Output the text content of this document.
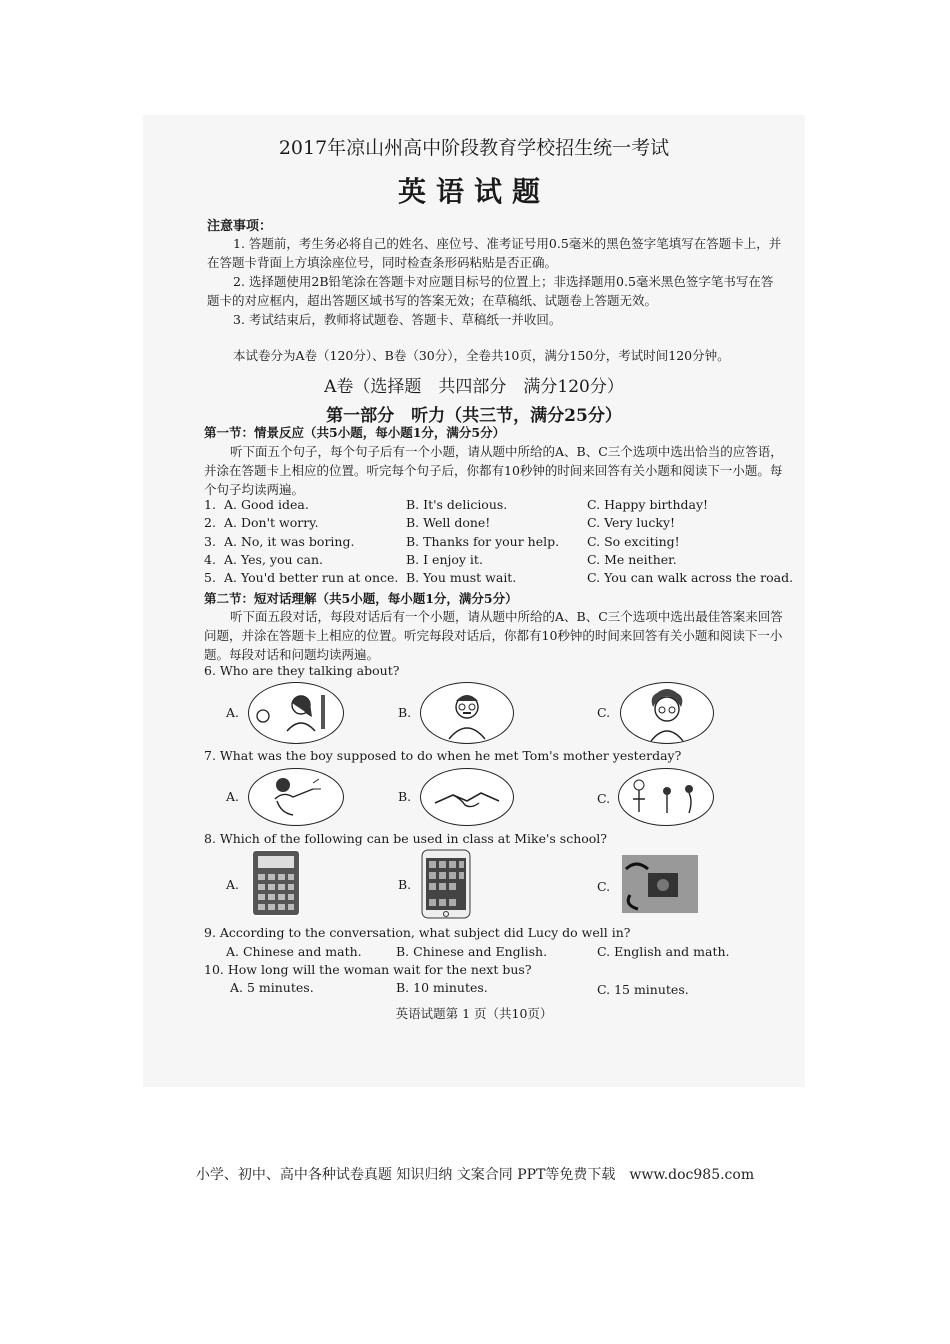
2017年凉山州高中阶段教育学校招生统一考试
英语试题
注意事项：
1. 答题前，考生务必将自己的姓名、座位号、准考证号用0.5毫米的黑色签字笔填写在答题卡上，并在答题卡背面上方填涂座位号，同时检查条形码粘贴是否正确。
2. 选择题使用2B铅笔涂在答题卡对应题目标号的位置上；非选择题用0.5毫米黑色签字笔书写在答题卡的对应框内，超出答题区域书写的答案无效；在草稿纸、试题卷上答题无效。
3. 考试结束后，教师将试题卷、答题卡、草稿纸一并收回。
本试卷分为A卷（120分）、B卷（30分），全卷共10页，满分150分，考试时间120分钟。
A卷（选择题　共四部分　满分120分）
第一部分　听力（共三节，满分25分）
第一节：情景反应（共5小题，每小题1分，满分5分）
听下面五个句子，每个句子后有一个小题，请从题中所给的A、B、C三个选项中选出恰当的应答语，并涂在答题卡上相应的位置。听完每个句子后，你都有10秒钟的时间来回答有关小题和阅读下一小题。每个句子均读两遍。
1. A. Good idea.	B. It's delicious.	C. Happy birthday!
2. A. Don't worry.	B. Well done!	C. Very lucky!
3. A. No, it was boring.	B. Thanks for your help. C. So exciting!
4. A. Yes, you can.	B. I enjoy it.	C. Me neither.
5. A. You'd better run at once. B. You must wait.	C. You can walk across the road.
第二节：短对话理解（共5小题，每小题1分，满分5分）
听下面五段对话，每段对话后有一个小题，请从题中所给的A、B、C三个选项中选出最佳答案来回答问题，并涂在答题卡上相应的位置。听完每段对话后，你都有10秒钟的时间来回答有关小题和阅读下一小题。每段对话和问题均读两遍。
6. Who are they talking about?
A.	B.	C.
7. What was the boy supposed to do when he met Tom's mother yesterday?
A.	B.	C.
8. Which of the following can be used in class at Mike's school?
A.	B.	C.
9. According to the conversation, what subject did Lucy do well in?
A. Chinese and math.	B. Chinese and English.	C. English and math.
10. How long will the woman wait for the next bus?
A. 5 minutes.	B. 10 minutes.	C. 15 minutes.
英语试题第 1 页（共10页）
小学、初中、高中各种试卷真题 知识归纳 文案合同 PPT等免费下载　www.doc985.com
